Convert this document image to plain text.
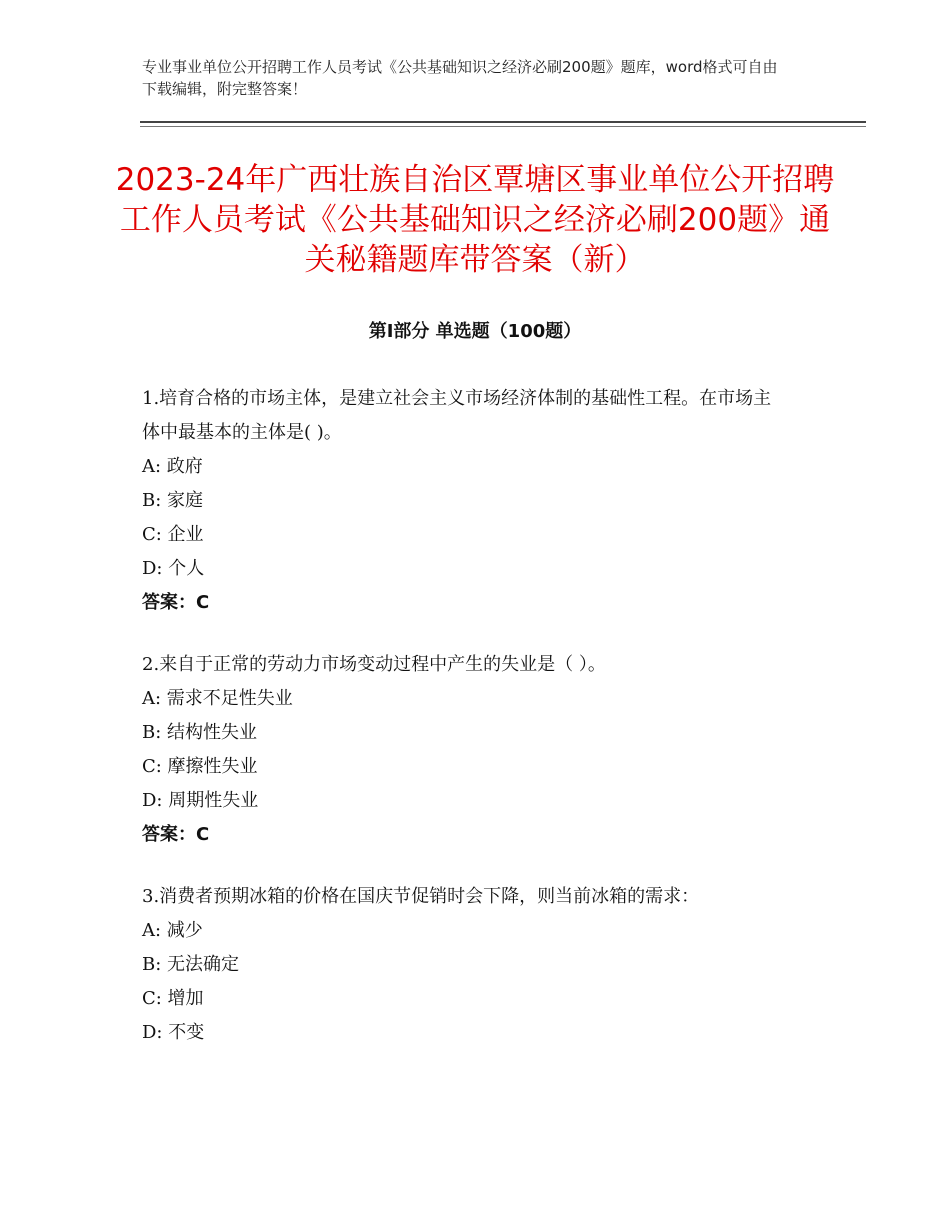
专业事业单位公开招聘工作人员考试《公共基础知识之经济必刷200题》题库，word格式可自由下载编辑，附完整答案！
2023-24年广西壮族自治区覃塘区事业单位公开招聘工作人员考试《公共基础知识之经济必刷200题》通关秘籍题库带答案（新）
第Ⅰ部分 单选题（100题）
1.培育合格的市场主体，是建立社会主义市场经济体制的基础性工程。在市场主体中最基本的主体是( )。
A: 政府
B: 家庭
C: 企业
D: 个人
答案：C
2.来自于正常的劳动力市场变动过程中产生的失业是（ ）。
A: 需求不足性失业
B: 结构性失业
C: 摩擦性失业
D: 周期性失业
答案：C
3.消费者预期冰箱的价格在国庆节促销时会下降，则当前冰箱的需求：
A: 减少
B: 无法确定
C: 增加
D: 不变
